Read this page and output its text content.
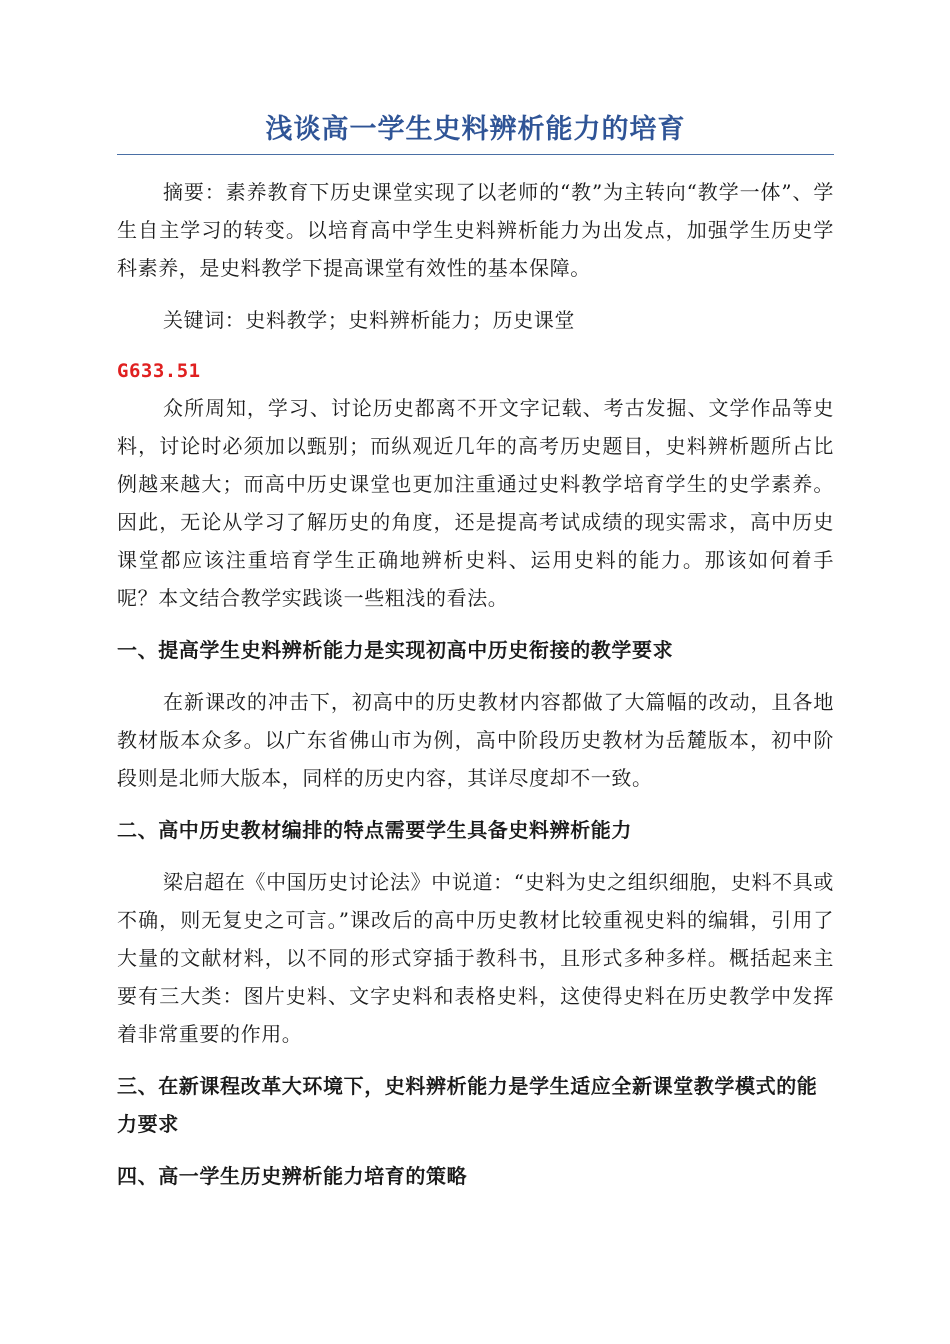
浅谈高一学生史料辨析能力的培育

摘要：素养教育下历史课堂实现了以老师的“教”为主转向“教学一体”、学生自主学习的转变。以培育高中学生史料辨析能力为出发点，加强学生历史学科素养，是史料教学下提高课堂有效性的基本保障。

关键词：史料教学；史料辨析能力；历史课堂

G633.51

众所周知，学习、讨论历史都离不开文字记载、考古发掘、文学作品等史料，讨论时必须加以甄别；而纵观近几年的高考历史题目，史料辨析题所占比例越来越大；而高中历史课堂也更加注重通过史料教学培育学生的史学素养。因此，无论从学习了解历史的角度，还是提高考试成绩的现实需求，高中历史课堂都应该注重培育学生正确地辨析史料、运用史料的能力。那该如何着手呢？本文结合教学实践谈一些粗浅的看法。

一、提高学生史料辨析能力是实现初高中历史衔接的教学要求

在新课改的冲击下，初高中的历史教材内容都做了大篇幅的改动，且各地教材版本众多。以广东省佛山市为例，高中阶段历史教材为岳麓版本，初中阶段则是北师大版本，同样的历史内容，其详尽度却不一致。

二、高中历史教材编排的特点需要学生具备史料辨析能力

梁启超在《中国历史讨论法》中说道：“史料为史之组织细胞，史料不具或不确，则无复史之可言。”课改后的高中历史教材比较重视史料的编辑，引用了大量的文献材料，以不同的形式穿插于教科书，且形式多种多样。概括起来主要有三大类：图片史料、文字史料和表格史料，这使得史料在历史教学中发挥着非常重要的作用。

三、在新课程改革大环境下，史料辨析能力是学生适应全新课堂教学模式的能力要求
四、高一学生历史辨析能力培育的策略
